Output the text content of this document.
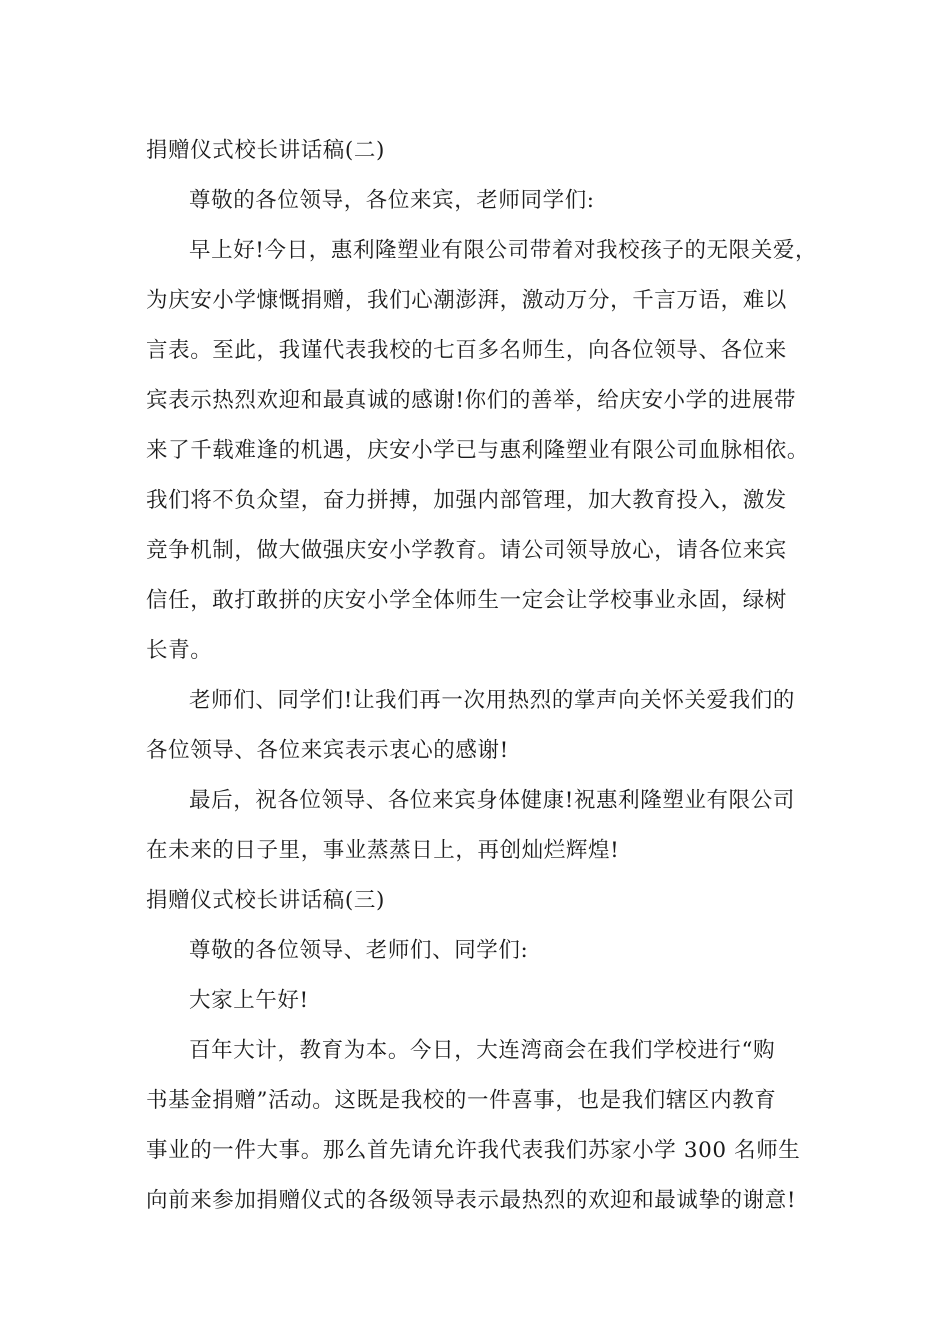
捐赠仪式校长讲话稿(二)
尊敬的各位领导，各位来宾，老师同学们:
早上好!今日，惠利隆塑业有限公司带着对我校孩子的无限关爱，
为庆安小学慷慨捐赠，我们心潮澎湃，激动万分，千言万语，难以
言表。至此，我谨代表我校的七百多名师生，向各位领导、各位来
宾表示热烈欢迎和最真诚的感谢!你们的善举，给庆安小学的进展带
来了千载难逢的机遇，庆安小学已与惠利隆塑业有限公司血脉相依。
我们将不负众望，奋力拼搏，加强内部管理，加大教育投入，激发
竞争机制，做大做强庆安小学教育。请公司领导放心，请各位来宾
信任，敢打敢拼的庆安小学全体师生一定会让学校事业永固，绿树
长青。
老师们、同学们!让我们再一次用热烈的掌声向关怀关爱我们的
各位领导、各位来宾表示衷心的感谢!
最后，祝各位领导、各位来宾身体健康!祝惠利隆塑业有限公司
在未来的日子里，事业蒸蒸日上，再创灿烂辉煌!
捐赠仪式校长讲话稿(三)
尊敬的各位领导、老师们、同学们:
大家上午好!
百年大计，教育为本。今日，大连湾商会在我们学校进行“购
书基金捐赠”活动。这既是我校的一件喜事，也是我们辖区内教育
事业的一件大事。那么首先请允许我代表我们苏家小学 300 名师生
向前来参加捐赠仪式的各级领导表示最热烈的欢迎和最诚挚的谢意!
